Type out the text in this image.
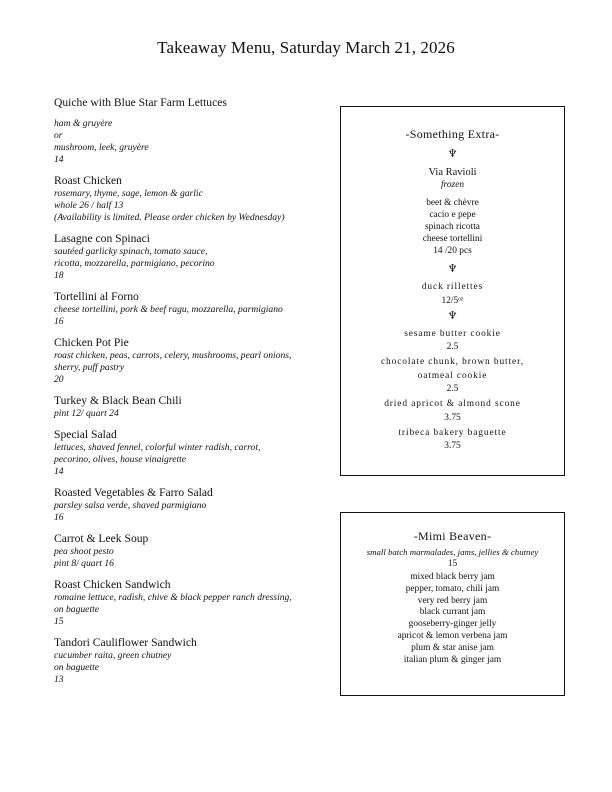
Takeaway Menu, Saturday March 21, 2026
Quiche with Blue Star Farm Lettuces
ham & gruyère
or
mushroom, leek, gruyère
14
Roast Chicken
rosemary, thyme, sage, lemon & garlic
whole 26 / half 13
(Availability is limited. Please order chicken by Wednesday)
Lasagne con Spinaci
sautéed garlicky spinach, tomato sauce,
ricotta, mozzarella, parmigiano, pecorino
18
Tortellini al Forno
cheese tortellini, pork & beef ragu, mozzarella, parmigiano
16
Chicken Pot Pie
roast chicken, peas, carrots, celery, mushrooms, pearl onions,
sherry, puff pastry
20
Turkey & Black Bean Chili
pint 12/ quart 24
Special Salad
lettuces, shaved fennel, colorful winter radish, carrot,
pecorino, olives, house vinaigrette
14
Roasted Vegetables & Farro Salad
parsley salsa verde, shaved parmigiano
16
Carrot & Leek Soup
pea shoot pesto
pint 8/ quart 16
Roast Chicken Sandwich
romaine lettuce, radish, chive & black pepper ranch dressing,
on baguette
15
Tandori Cauliflower Sandwich
cucumber raita, green chutney
on baguette
13
-Something Extra-
♆
Via Ravioli
frozen
beet & chèvre
cacio e pepe
spinach ricotta
cheese tortellini
14 /20 pcs
♆
duck rillettes
12/5ᵒᶻ
♆
sesame butter cookie
2.5
chocolate chunk, brown butter,
oatmeal cookie
2.5
dried apricot & almond scone
3.75
tribeca bakery baguette
3.75
-Mimi Beaven-
small batch marmalades, jams, jellies & chutney
15
mixed black berry jam
pepper, tomato, chili jam
very red berry jam
black currant jam
gooseberry-ginger jelly
apricot & lemon verbena jam
plum & star anise jam
italian plum & ginger jam
